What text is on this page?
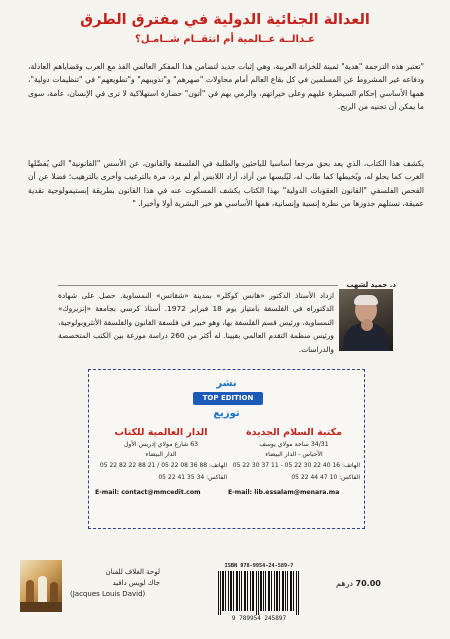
العدالة الجنائية الدولية في مفترق الطرق
عـدالــة عــالمية أم انتقــام شــامـل؟

"تعتبر هذه الترجمة "هدية" ثمينة للخزانة العربية، وهي إثبات جديد لتضامن هذا المفكر العالمي الفذ مع العرب وقضاياهم العادلة، ودفاعه غير المشروط عن المسلمين في كل بقاع العالم أمام محاولات "صهرهم" و"تذويبهم" و"تطويعهم" في "تنظيمات دولية"، همها الأساسي إحكام السيطرة عليهم وعلى خيراتهم، والرمي بهم في "أتون" حضارة استهلاكية لا ترى في الإنسان، عامة، سوى ما يمكن أن تجنيه من الربح.

يكشف هذا الكتاب، الذي يعد بحق مرجعا أساسيا للباحثين والطلبة في الفلسفة والقانون، عن الأسس "القانونية" التي يُفصِّلها الغرب كما يحلو له، ويُخيطها كما طاب له، ليُلبسها من أراد، أراد اللابس أم لم يرد، مرة بالترغيب وأخرى بالترهيب؛ فضلا عن أن الفحص الفلسفي "القانون العقوبات الدولية" بهذا الكتاب يكشف المسكوت عنه في هذا القانون بطريقة إبستيمولوجية نقدية عميقة، تستلهم جذورها من نظرة إنسية وإنسانية، همها الأساسي هو خير البشرية أولا وأخيرا. "

د. حميد لشهب

ازداد الأستاذ الدكتور «هانس كوكلر» بمدينة «شقاتس» النمساوية. حصل على شهادة الدكتوراه في الفلسفة بامتياز يوم 18 فبراير 1972. أستاذ كرسي بجامعة «إنزبروك» النمساوية، ورئيس قسم الفلسفة بها، وهو خبير في فلسفة القانون والفلسفة الأنثروبولوجية، ورئيس منظمة التقدم العالمي بفيينا. له أكثر من 260 دراسة موزعة بين الكتب المتخصصة والدراسات.

نشر
TOP EDITION
توزيع
مكتبة السلام الجديدة
34/31 ساحة مولاي يوسف
الأحباس - الدار البيضاء
الهاتف: 16 40 22 30 22 05 - 11 37 30 22 05
الفاكس: 10 47 44 22 05
E-mail: lib.essalam@menara.ma
الدار العالمية للكتاب
63 شارع مولاي إدريس الأول
الدار البيضاء
الهاتف: 88 36 08 22 05 / 21 88 22 82 22 05
الفاكس: 34 35 41 22 05
E-mail: contact@mmcedit.com
لوحة الغلاف للفنان
جاك لويس دافيد
(Jacques Louis David)
ISBN 978-9954-24-589-7
9 789954 245897
70.00 درهم
